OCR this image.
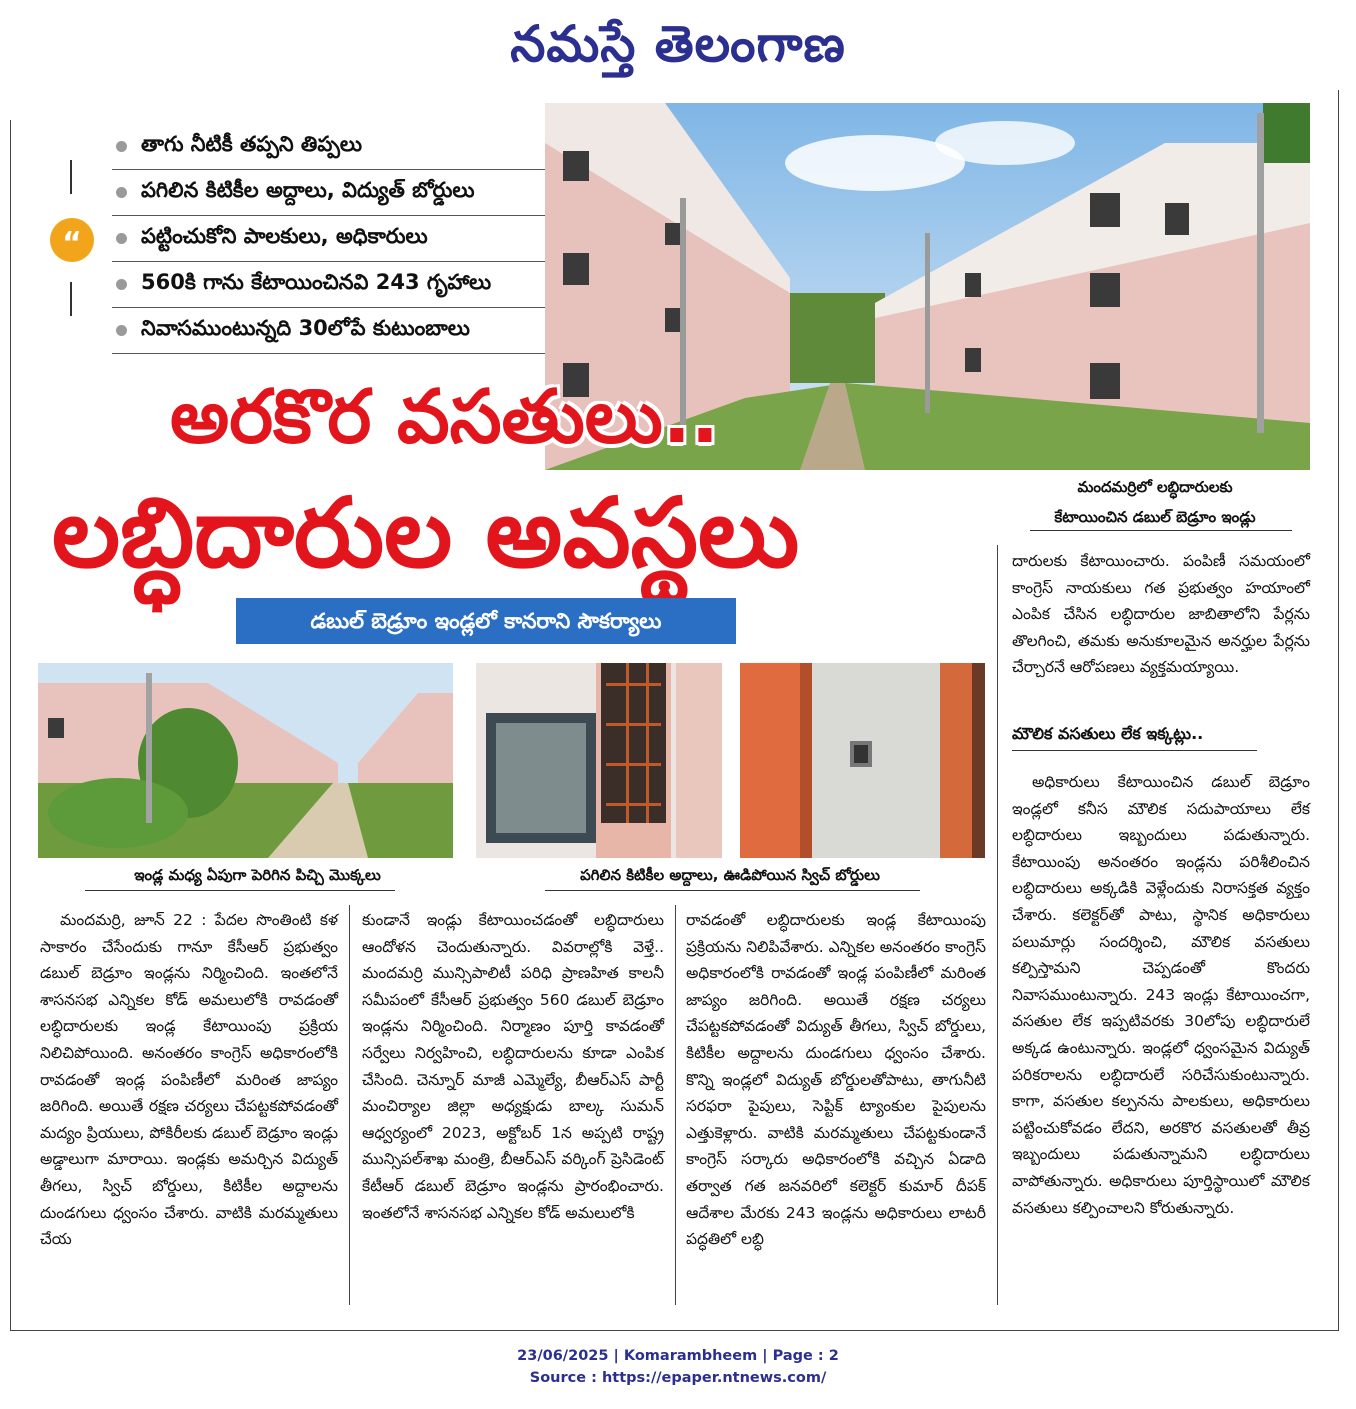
నమస్తే తెలంగాణ
“
తాగు నీటికీ తప్పని తిప్పలు
పగిలిన కిటికీల అద్దాలు, విద్యుత్ బోర్డులు
పట్టించుకోని పాలకులు, అధికారులు
560కి గాను కేటాయించినవి 243 గృహాలు
నివాసముంటున్నది 30లోపే కుటుంబాలు
అరకొర వసతులు..
లబ్ధిదారుల అవస్థలు
డబుల్ బెడ్రూం ఇండ్లలో కానరాని సౌకర్యాలు
మందమర్రిలో లబ్ధిదారులకు
కేటాయించిన డబుల్ బెడ్రూం ఇండ్లు
ఇండ్ల మధ్య ఏపుగా పెరిగిన పిచ్చి మొక్కలు	పగిలిన కిటికీల అద్దాలు, ఊడిపోయిన స్విచ్ బోర్డులు

మందమర్రి, జూన్ 22 : పేదల సొంతింటి కళ సాకారం చేసేందుకు గానూ కేసీఆర్ ప్రభుత్వం డబుల్ బెడ్రూం ఇండ్లను నిర్మించింది. ఇంతలోనే శాసనసభ ఎన్నికల కోడ్ అమలులోకి రావడంతో లబ్ధిదారులకు ఇండ్ల కేటాయింపు ప్రక్రియ నిలిచిపోయింది. అనంతరం కాంగ్రెస్ అధికారంలోకి రావడంతో ఇండ్ల పంపిణీలో మరింత జాప్యం జరిగింది. అయితే రక్షణ చర్యలు చేపట్టకపోవడంతో మద్యం ప్రియులు, పోకిరీలకు డబుల్ బెడ్రూం ఇండ్లు అడ్డాలుగా మారాయి. ఇండ్లకు అమర్చిన విద్యుత్ తీగలు, స్విచ్ బోర్డులు, కిటికీల అద్దాలను దుండగులు ధ్వంసం చేశారు. వాటికి మరమ్మతులు చేయ

కుండానే ఇండ్లు కేటాయించడంతో లబ్ధిదారులు ఆందోళన చెందుతున్నారు. వివరాల్లోకి వెళ్తే.. మందమర్రి మున్సిపాలిటీ పరిధి ప్రాణహిత కాలనీ సమీపంలో కేసీఆర్ ప్రభుత్వం 560 డబుల్ బెడ్రూం ఇండ్లను నిర్మించింది. నిర్మాణం పూర్తి కావడంతో సర్వేలు నిర్వహించి, లబ్ధిదారులను కూడా ఎంపిక చేసింది. చెన్నూర్ మాజీ ఎమ్మెల్యే, బీఆర్ఎస్ పార్టీ మంచిర్యాల జిల్లా అధ్యక్షుడు బాల్క సుమన్ ఆధ్వర్యంలో 2023, అక్టోబర్ 1న అప్పటి రాష్ట్ర మున్సిపల్‌శాఖ మంత్రి, బీఆర్ఎస్ వర్కింగ్ ప్రెసిడెంట్ కేటీఆర్ డబుల్ బెడ్రూం ఇండ్లను ప్రారంభించారు. ఇంతలోనే శాసనసభ ఎన్నికల కోడ్ అమలులోకి

రావడంతో లబ్ధిదారులకు ఇండ్ల కేటాయింపు ప్రక్రియను నిలిపివేశారు. ఎన్నికల అనంతరం కాంగ్రెస్ అధికారంలోకి రావడంతో ఇండ్ల పంపిణీలో మరింత జాప్యం జరిగింది. అయితే రక్షణ చర్యలు చేపట్టకపోవడంతో విద్యుత్ తీగలు, స్విచ్ బోర్డులు, కిటికీల అద్దాలను దుండగులు ధ్వంసం చేశారు. కొన్ని ఇండ్లలో విద్యుత్ బోర్డులతోపాటు, తాగునీటి సరఫరా పైపులు, సెప్టిక్ ట్యాంకుల పైపులను ఎత్తుకెళ్లారు. వాటికి మరమ్మతులు చేపట్టకుండానే కాంగ్రెస్ సర్కారు అధికారంలోకి వచ్చిన ఏడాది తర్వాత గత జనవరిలో కలెక్టర్ కుమార్ దీపక్ ఆదేశాల మేరకు 243 ఇండ్లను అధికారులు లాటరీ పద్ధతిలో లబ్ధి

దారులకు కేటాయించారు. పంపిణీ సమయంలో కాంగ్రెస్ నాయకులు గత ప్రభుత్వం హయాంలో ఎంపిక చేసిన లబ్ధిదారుల జాబితాలోని పేర్లను తొలగించి, తమకు అనుకూలమైన అనర్హుల పేర్లను చేర్చారనే ఆరోపణలు వ్యక్తమయ్యాయి.

మౌలిక వసతులు లేక ఇక్కట్లు..

అధికారులు కేటాయించిన డబుల్ బెడ్రూం ఇండ్లలో కనీస మౌలిక సదుపాయాలు లేక లబ్ధిదారులు ఇబ్బందులు పడుతున్నారు. కేటాయింపు అనంతరం ఇండ్లను పరిశీలించిన లబ్ధిదారులు అక్కడికి వెళ్లేందుకు నిరాసక్తత వ్యక్తం చేశారు. కలెక్టర్‌తో పాటు, స్థానిక అధికారులు పలుమార్లు సందర్శించి, మౌలిక వసతులు కల్పిస్తామని చెప్పడంతో కొందరు నివాసముంటున్నారు. 243 ఇండ్లు కేటాయించగా, వసతుల లేక ఇప్పటివరకు 30లోపు లబ్ధిదారులే అక్కడ ఉంటున్నారు. ఇండ్లలో ధ్వంసమైన విద్యుత్ పరికరాలను లబ్ధిదారులే సరిచేసుకుంటున్నారు. కాగా, వసతుల కల్పనను పాలకులు, అధికారులు పట్టించుకోవడం లేదని, అరకొర వసతులతో తీవ్ర ఇబ్బందులు పడుతున్నామని లబ్ధిదారులు వాపోతున్నారు. అధికారులు పూర్తిస్థాయిలో మౌలిక వసతులు కల్పించాలని కోరుతున్నారు.

23/06/2025 | Komarambheem | Page : 2
Source : https://epaper.ntnews.com/
